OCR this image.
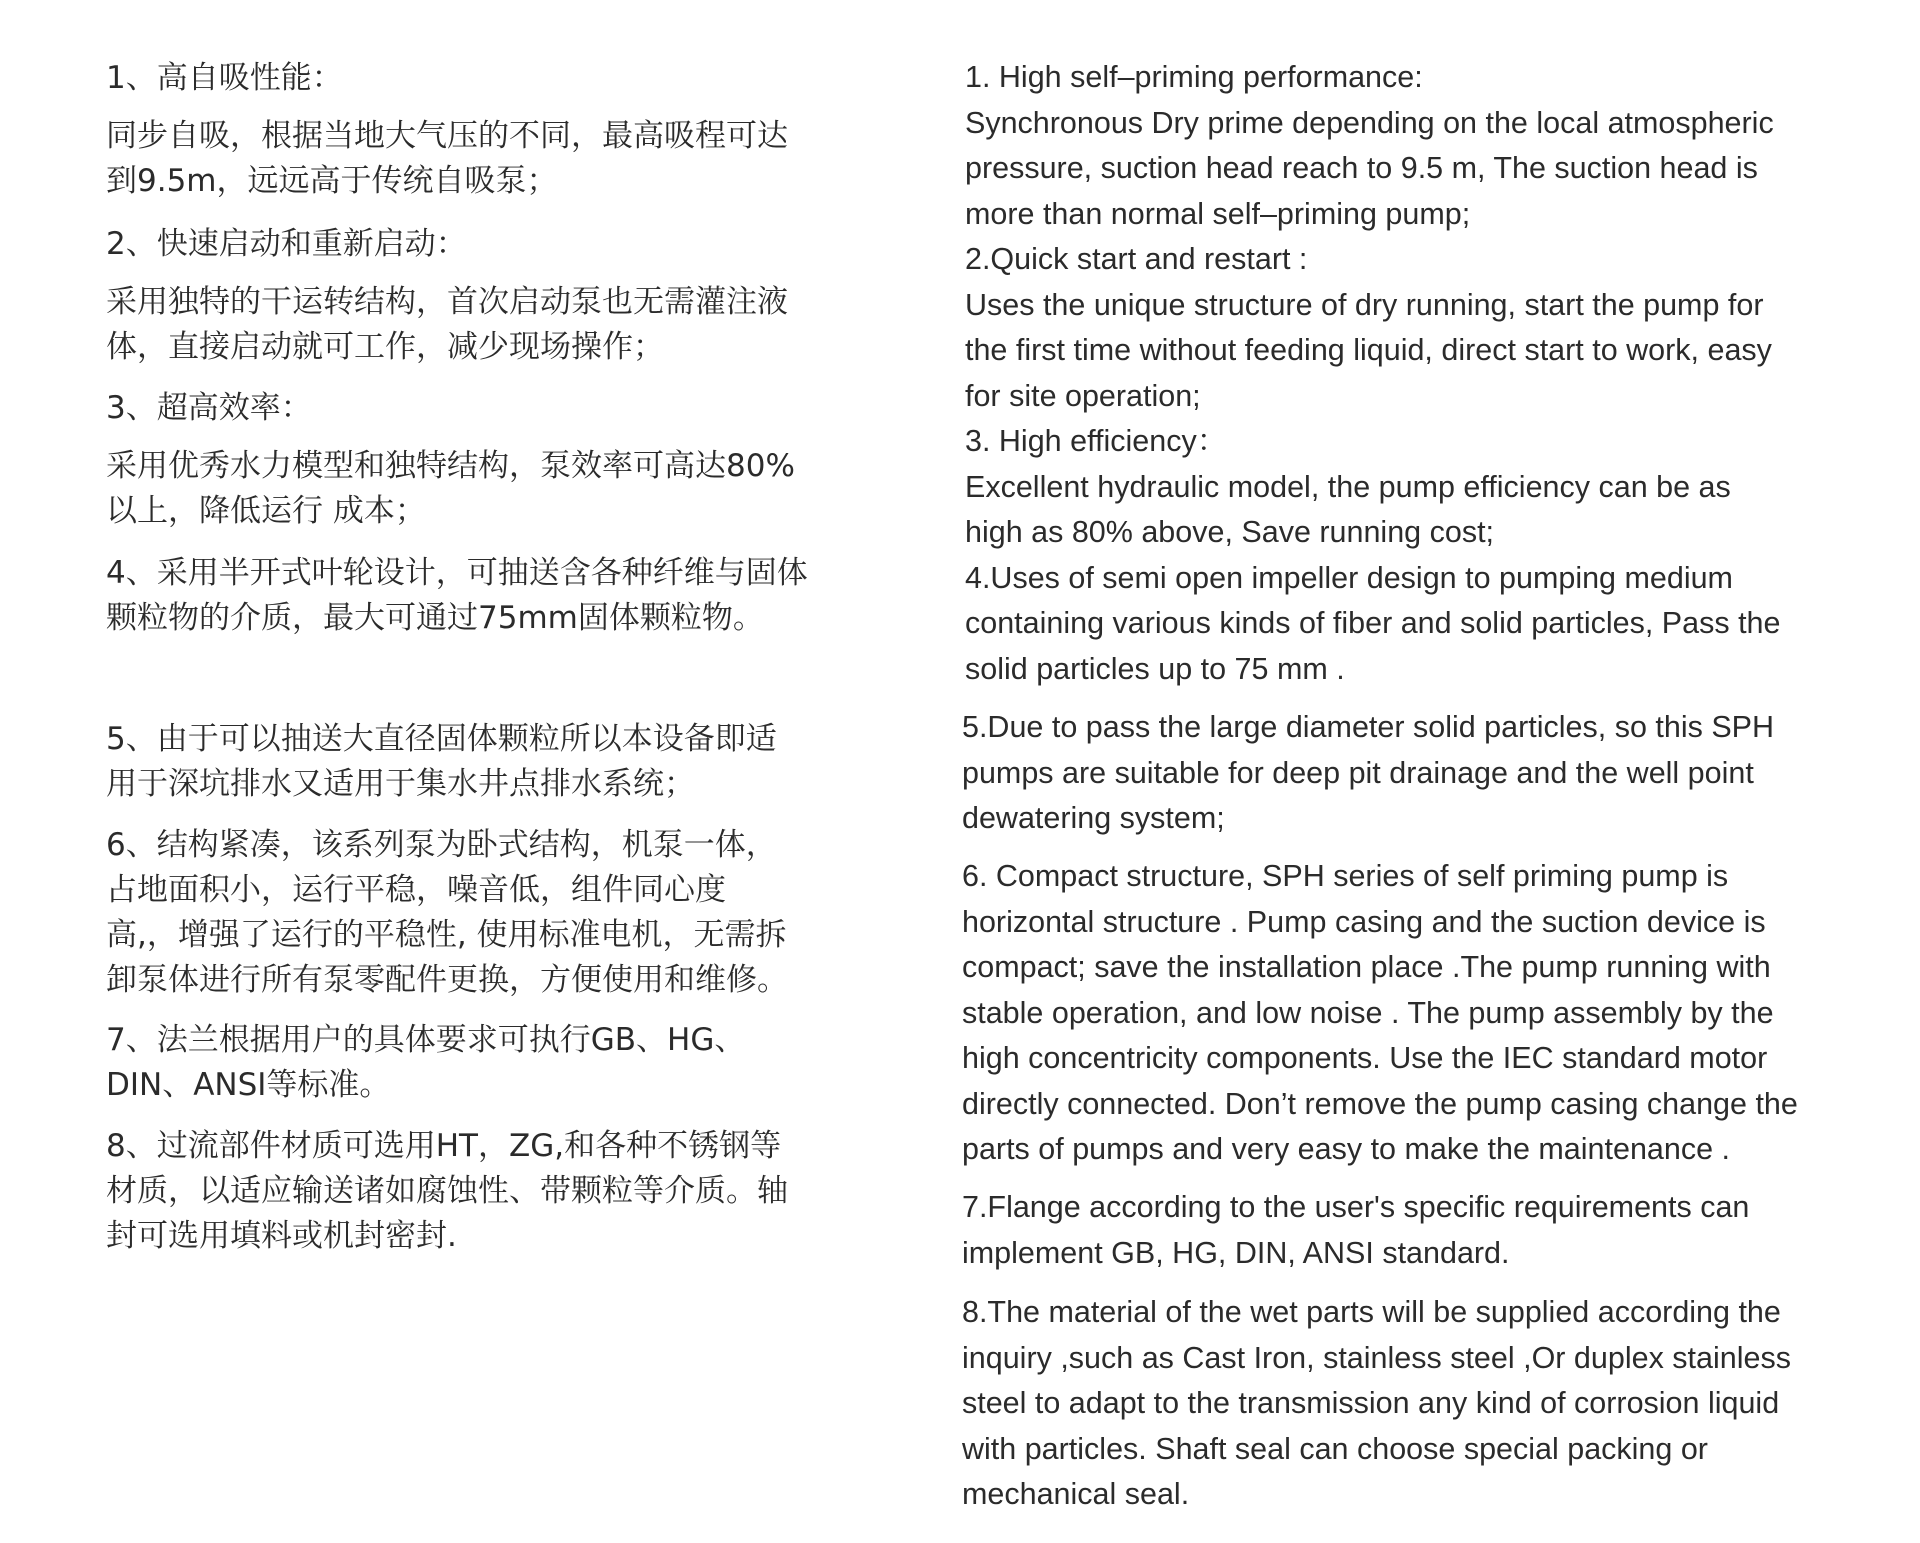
1、高自吸性能：
同步自吸，根据当地大气压的不同，最高吸程可达
到9.5m，远远高于传统自吸泵；
2、快速启动和重新启动：
采用独特的干运转结构，首次启动泵也无需灌注液
体，直接启动就可工作，减少现场操作；
3、超高效率：
采用优秀水力模型和独特结构，泵效率可高达80%
以上，降低运行 成本；
4、采用半开式叶轮设计，可抽送含各种纤维与固体
颗粒物的介质，最大可通过75mm固体颗粒物。
5、由于可以抽送大直径固体颗粒所以本设备即适
用于深坑排水又适用于集水井点排水系统；
6、结构紧凑，该系列泵为卧式结构，机泵一体，
占地面积小，运行平稳，噪音低，组件同心度
高,，增强了运行的平稳性, 使用标准电机，无需拆
卸泵体进行所有泵零配件更换，方便使用和维修。
7、法兰根据用户的具体要求可执行GB、HG、
DIN、ANSI等标准。
8、过流部件材质可选用HT，ZG,和各种不锈钢等
材质，以适应输送诸如腐蚀性、带颗粒等介质。轴
封可选用填料或机封密封.
1. High self–priming performance:
Synchronous Dry prime depending on the local atmospheric
pressure, suction head reach to 9.5 m, The suction head is
more than normal self–priming pump;
2.Quick start and restart :
Uses the unique structure of dry running, start the pump for
the first time without feeding liquid, direct start to work, easy
for site operation;
3. High efficiency：
Excellent hydraulic model, the pump efficiency can be as
high as 80% above, Save running cost;
4.Uses of semi open impeller design to pumping medium
containing various kinds of fiber and solid particles, Pass the
solid particles up to 75 mm .
5.Due to pass the large diameter solid particles, so this SPH
pumps are suitable for deep pit drainage and the well point
dewatering system;
6. Compact structure, SPH series of self priming pump is
horizontal structure . Pump casing and the suction device is
compact; save the installation place .The pump running with
stable operation, and low noise . The pump assembly by the
high concentricity components. Use the IEC standard motor
directly connected. Don’t remove the pump casing change the
parts of pumps and very easy to make the maintenance .
7.Flange according to the user's specific requirements can
implement GB, HG, DIN, ANSI standard.
8.The material of the wet parts will be supplied according the
inquiry ,such as Cast Iron, stainless steel ,Or duplex stainless
steel to adapt to the transmission any kind of corrosion liquid
with particles. Shaft seal can choose special packing or
mechanical seal.
